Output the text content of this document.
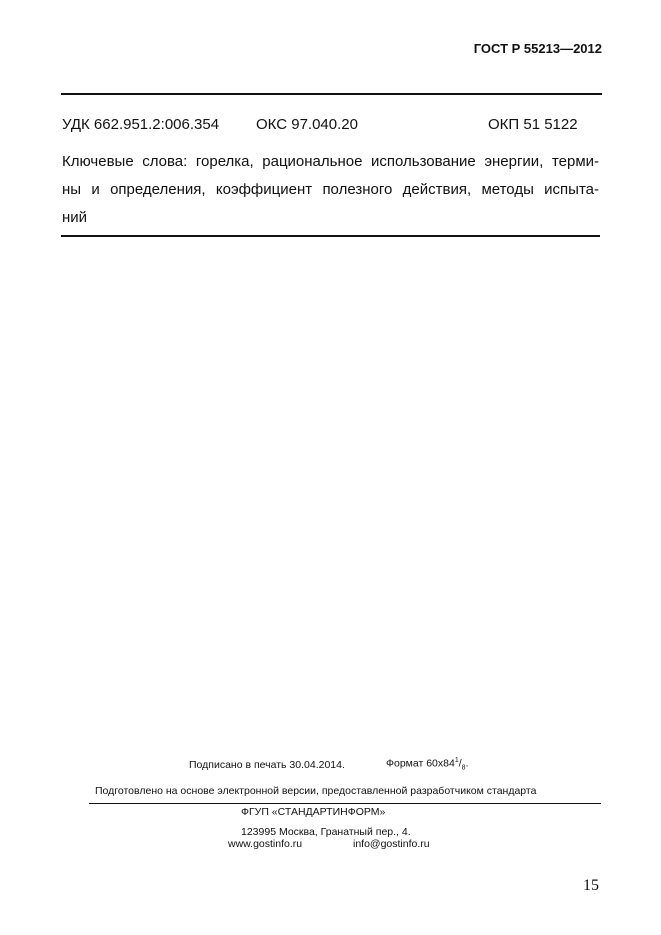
ГОСТ Р 55213—2012
УДК 662.951.2:006.354 ОКС 97.040.20	ОКП 51 5122
Ключевые слова: горелка, рациональное использование энергии, терми-
ны и определения, коэффициент полезного действия, методы испыта-
ний
Подписано в печать 30.04.2014.	Формат $60x84^1/_8$.
Подготовлено на основе электронной версии, предоставленной разработчиком стандарта
ФГУП «СТАНДАРТИНФОРМ»
123995 Москва, Гранатный пер., 4.
www.gostinfo.ru	info@gostinfo.ru
15
